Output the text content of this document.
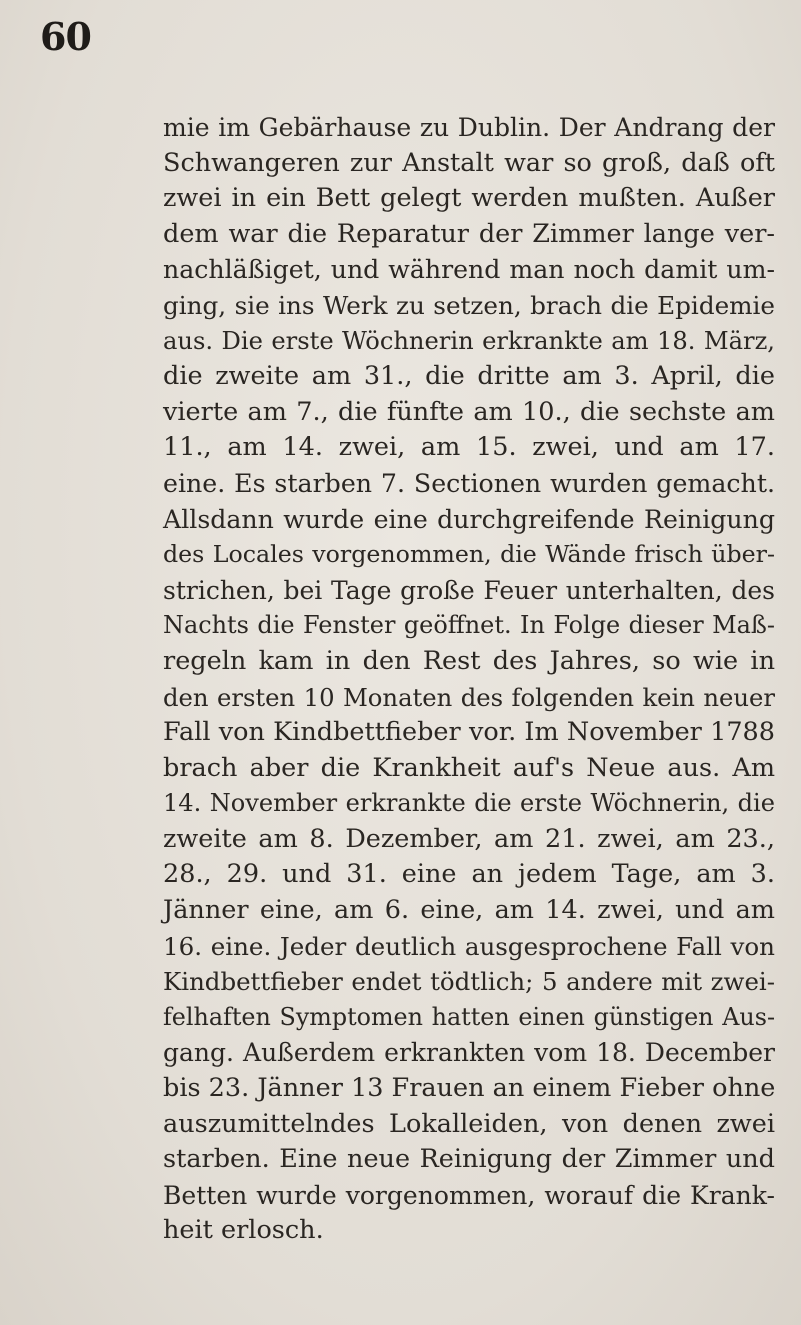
60
mie im Gebärhause zu Dublin. Der Andrang der
Schwangeren zur Anstalt war so groß, daß oft
zwei in ein Bett gelegt werden mußten. Außer
dem war die Reparatur der Zimmer lange ver-
nachläßiget, und während man noch damit um-
ging, sie ins Werk zu setzen, brach die Epidemie
aus. Die erste Wöchnerin erkrankte am 18. März,
die zweite am 31., die dritte am 3. April, die
vierte am 7., die fünfte am 10., die sechste am
11., am 14. zwei, am 15. zwei, und am 17.
eine. Es starben 7. Sectionen wurden gemacht.
Allsdann wurde eine durchgreifende Reinigung
des Locales vorgenommen, die Wände frisch über-
strichen, bei Tage große Feuer unterhalten, des
Nachts die Fenster geöffnet. In Folge dieser Maß-
regeln kam in den Rest des Jahres, so wie in
den ersten 10 Monaten des folgenden kein neuer
Fall von Kindbettfieber vor. Im November 1788
brach aber die Krankheit auf's Neue aus. Am
14. November erkrankte die erste Wöchnerin, die
zweite am 8. Dezember, am 21. zwei, am 23.,
28., 29. und 31. eine an jedem Tage, am 3.
Jänner eine, am 6. eine, am 14. zwei, und am
16. eine. Jeder deutlich ausgesprochene Fall von
Kindbettfieber endet tödtlich; 5 andere mit zwei-
felhaften Symptomen hatten einen günstigen Aus-
gang. Außerdem erkrankten vom 18. December
bis 23. Jänner 13 Frauen an einem Fieber ohne
auszumittelndes Lokalleiden, von denen zwei
starben. Eine neue Reinigung der Zimmer und
Betten wurde vorgenommen, worauf die Krank-
heit erlosch.
